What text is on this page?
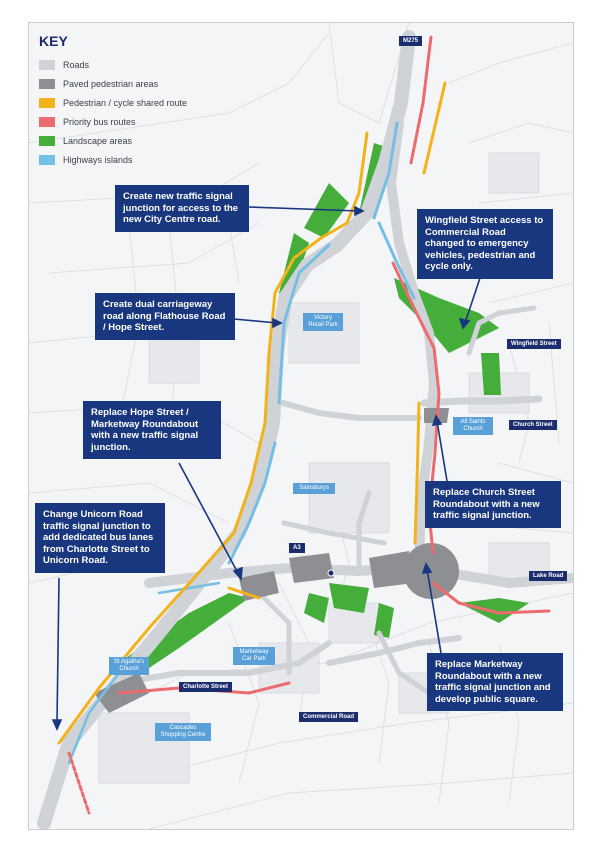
KEY
Roads
Paved pedestrian areas
Pedestrian / cycle shared route
Priority bus routes
Landscape areas
Highways islands
M275
A3
Wingfield Street
Church Street
Lake Road
Charlotte Street
Commercial Road
Victory Retail Park
All Saints Church
Sainsburys
Marketway Car Park
St Agatha's Church
Cascades Shopping Centre
Create new traffic signal junction for access to the new City Centre road.	Wingfield Street access to Commercial Road changed to emergency vehicles, pedestrian and cycle only.
Create dual carriageway road along Flathouse Road / Hope Street.
Replace Hope Street / Marketway Roundabout with a new traffic signal junction.
Replace Church Street Roundabout with a new traffic signal junction.
Change Unicorn Road traffic signal junction to add dedicated bus lanes from Charlotte Street to Unicorn Road.
Replace Marketway Roundabout with a new traffic signal junction and develop public square.
